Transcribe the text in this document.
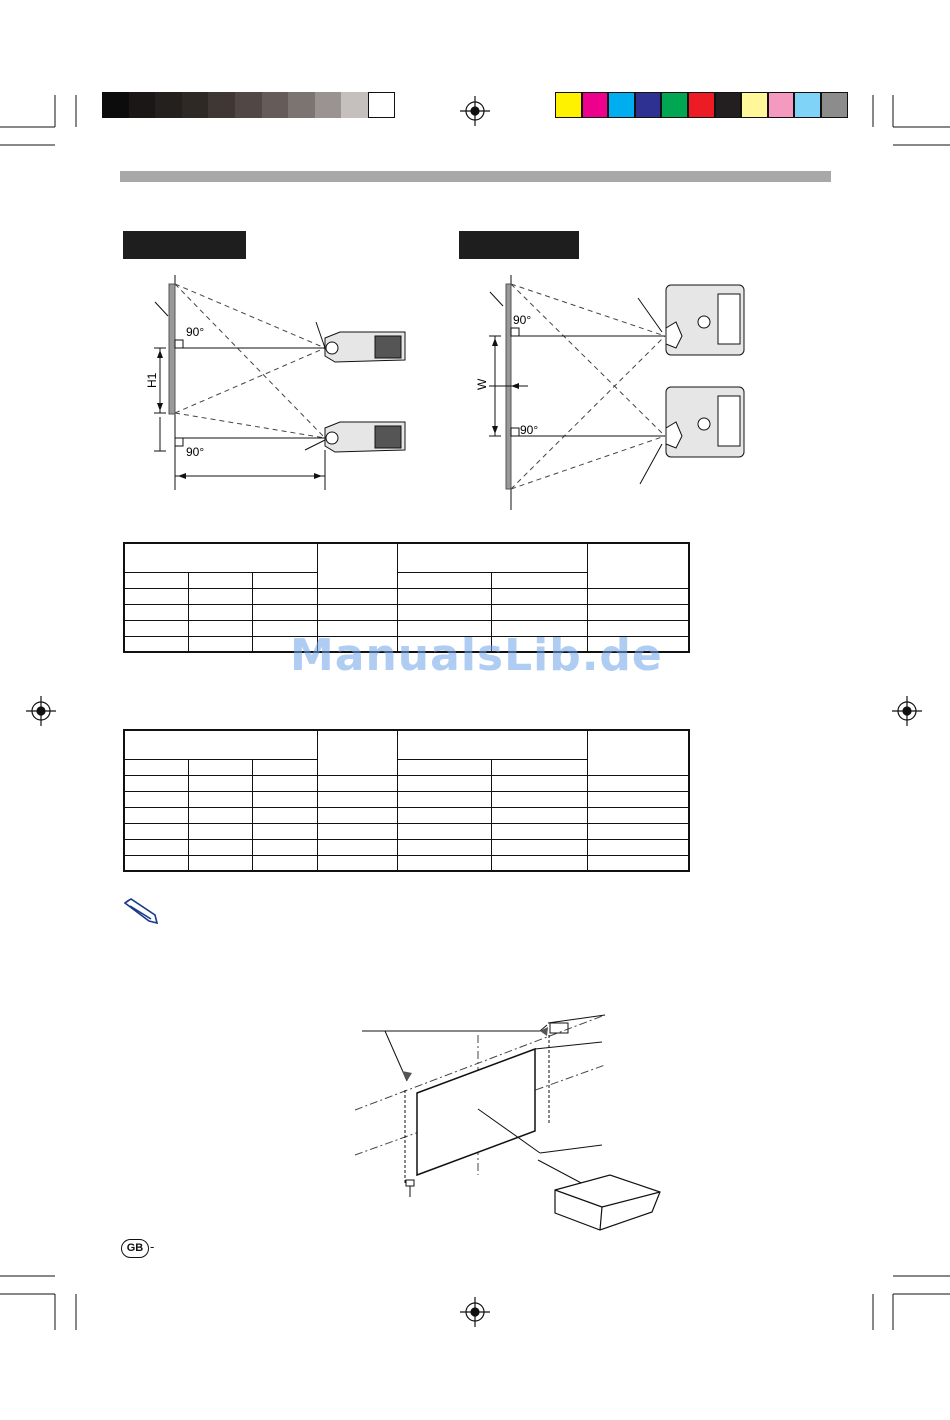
90°
90°
H1
90°
90°
W

ManualsLib.de

GB -
